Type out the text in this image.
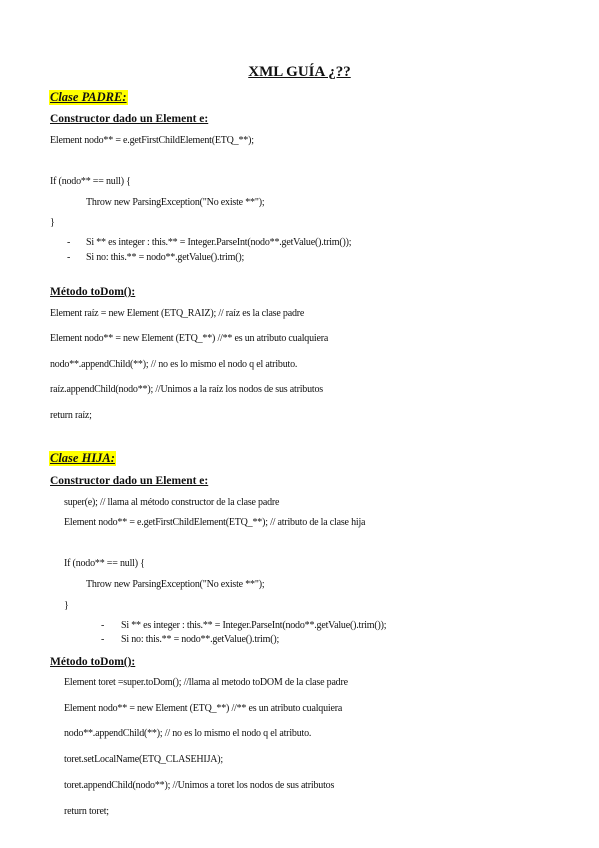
XML GUÍA ¿??
Clase PADRE:
Constructor dado un Element e:
Element nodo** = e.getFirstChildElement(ETQ_**);
If (nodo** == null) {
Throw new ParsingException("No existe **");
}
- Si ** es integer : this.** = Integer.ParseInt(nodo**.getValue().trim());
- Si no: this.** = nodo**.getValue().trim();
Método toDom():
Element raíz = new Element (ETQ_RAIZ); // raíz es la clase padre
Element nodo** = new Element (ETQ_**) //** es un atributo cualquiera
nodo**.appendChild(**); // no es lo mismo el nodo q el atributo.
raíz.appendChild(nodo**); //Unimos a la raíz los nodos de sus atributos
return raíz;
Clase HIJA:
Constructor dado un Element e:
super(e); // llama al método constructor de la clase padre
Element nodo** = e.getFirstChildElement(ETQ_**); // atributo de la clase hija
If (nodo** == null) {
Throw new ParsingException("No existe **");
}
- Si ** es integer : this.** = Integer.ParseInt(nodo**.getValue().trim());
- Si no: this.** = nodo**.getValue().trim();
Método toDom():
Element toret =super.toDom(); //llama al metodo toDOM de la clase padre
Element nodo** = new Element (ETQ_**) //** es un atributo cualquiera
nodo**.appendChild(**); // no es lo mismo el nodo q el atributo.
toret.setLocalName(ETQ_CLASEHIJA);
toret.appendChild(nodo**); //Unimos a toret los nodos de sus atributos
return toret;
